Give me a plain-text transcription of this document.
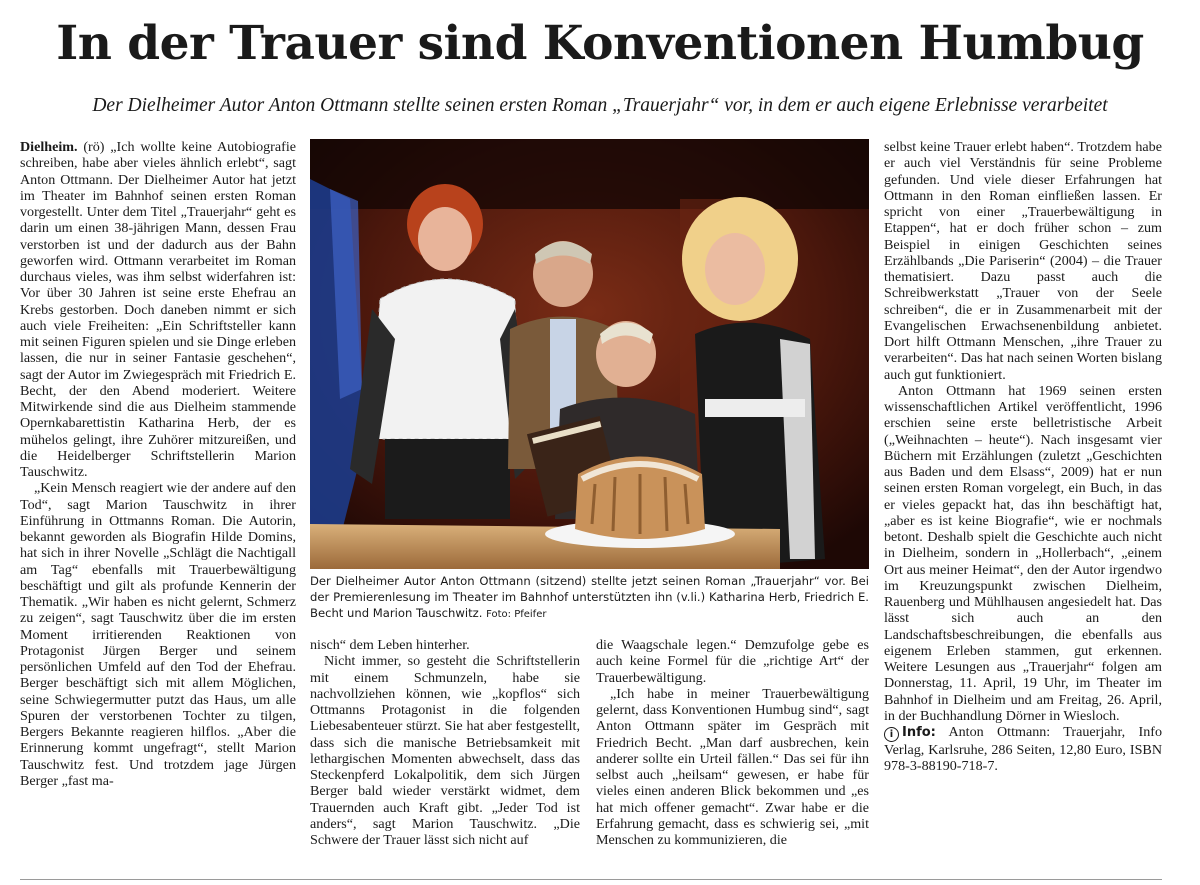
In der Trauer sind Konventionen Humbug

Der Dielheimer Autor Anton Ottmann stellte seinen ersten Roman „Trauerjahr“ vor, in dem er auch eigene Erlebnisse verarbeitet

Dielheim. (rö) „Ich wollte keine Autobiografie schreiben, habe aber vieles ähnlich erlebt“, sagt Anton Ottmann. Der Dielheimer Autor hat jetzt im Theater im Bahnhof seinen ersten Roman vorgestellt. Unter dem Titel „Trauerjahr“ geht es darin um einen 38-jährigen Mann, dessen Frau verstorben ist und der dadurch aus der Bahn geworfen wird. Ottmann verarbeitet im Roman durchaus vieles, was ihm selbst widerfahren ist: Vor über 30 Jahren ist seine erste Ehefrau an Krebs gestorben. Doch daneben nimmt er sich auch viele Freiheiten: „Ein Schriftsteller kann mit seinen Figuren spielen und sie Dinge erleben lassen, die nur in seiner Fantasie geschehen“, sagt der Autor im Zwiegespräch mit Friedrich E. Becht, der den Abend moderiert. Weitere Mitwirkende sind die aus Dielheim stammende Opernkabarettistin Katharina Herb, der es mühelos gelingt, ihre Zuhörer mitzureißen, und die Heidelberger Schriftstellerin Marion Tauschwitz.

„Kein Mensch reagiert wie der andere auf den Tod“, sagt Marion Tauschwitz in ihrer Einführung in Ottmanns Roman. Die Autorin, bekannt geworden als Biografin Hilde Domins, hat sich in ihrer Novelle „Schlägt die Nachtigall am Tag“ ebenfalls mit Trauerbewältigung beschäftigt und gilt als profunde Kennerin der Thematik. „Wir haben es nicht gelernt, Schmerz zu zeigen“, sagt Tauschwitz über die im ersten Moment irritierenden Reaktionen von Protagonist Jürgen Berger und seinem persönlichen Umfeld auf den Tod der Ehefrau. Berger beschäftigt sich mit allem Möglichen, seine Schwiegermutter putzt das Haus, um alle Spuren der verstorbenen Tochter zu tilgen, Bergers Bekannte reagieren hilflos. „Aber die Erinnerung kommt ungefragt“, stellt Marion Tauschwitz fest. Und trotzdem jage Jürgen Berger „fast ma-

Der Dielheimer Autor Anton Ottmann (sitzend) stellte jetzt seinen Roman „Trauerjahr“ vor. Bei der Premierenlesung im Theater im Bahnhof unterstützten ihn (v.li.) Katharina Herb, Friedrich E. Becht und Marion Tauschwitz. Foto: Pfeifer

nisch“ dem Leben hinterher.

Nicht immer, so gesteht die Schriftstellerin mit einem Schmunzeln, habe sie nachvollziehen können, wie „kopflos“ sich Ottmanns Protagonist in die folgenden Liebesabenteuer stürzt. Sie hat aber festgestellt, dass sich die manische Betriebsamkeit mit lethargischen Momenten abwechselt, dass das Steckenpferd Lokalpolitik, dem sich Jürgen Berger bald wieder verstärkt widmet, dem Trauernden auch Kraft gibt. „Jeder Tod ist anders“, sagt Marion Tauschwitz. „Die Schwere der Trauer lässt sich nicht auf

die Waagschale legen.“ Demzufolge gebe es auch keine Formel für die „richtige Art“ der Trauerbewältigung.

„Ich habe in meiner Trauerbewältigung gelernt, dass Konventionen Humbug sind“, sagt Anton Ottmann später im Gespräch mit Friedrich Becht. „Man darf ausbrechen, kein anderer sollte ein Urteil fällen.“ Das sei für ihn selbst auch „heilsam“ gewesen, er habe für vieles einen anderen Blick bekommen und „es hat mich offener gemacht“. Zwar habe er die Erfahrung gemacht, dass es schwierig sei, „mit Menschen zu kommunizieren, die

selbst keine Trauer erlebt haben“. Trotzdem habe er auch viel Verständnis für seine Probleme gefunden. Und viele dieser Erfahrungen hat Ottmann in den Roman einfließen lassen. Er spricht von einer „Trauerbewältigung in Etappen“, hat er doch früher schon – zum Beispiel in einigen Geschichten seines Erzählbands „Die Pariserin“ (2004) – die Trauer thematisiert. Dazu passt auch die Schreibwerkstatt „Trauer von der Seele schreiben“, die er in Zusammenarbeit mit der Evangelischen Erwachsenenbildung anbietet. Dort hilft Ottmann Menschen, „ihre Trauer zu verarbeiten“. Das hat nach seinen Worten bislang auch gut funktioniert.

Anton Ottmann hat 1969 seinen ersten wissenschaftlichen Artikel veröffentlicht, 1996 erschien seine erste belletristische Arbeit („Weihnachten – heute“). Nach insgesamt vier Büchern mit Erzählungen (zuletzt „Geschichten aus Baden und dem Elsass“, 2009) hat er nun seinen ersten Roman vorgelegt, ein Buch, in das er vieles gepackt hat, das ihn beschäftigt hat, „aber es ist keine Biografie“, wie er nochmals betont. Deshalb spielt die Geschichte auch nicht in Dielheim, sondern in „Hollerbach“, „einem Ort aus meiner Heimat“, den der Autor irgendwo im Kreuzungspunkt zwischen Dielheim, Rauenberg und Mühlhausen angesiedelt hat. Das lässt sich auch an den Landschaftsbeschreibungen, die ebenfalls aus eigenem Erleben stammen, gut erkennen. Weitere Lesungen aus „Trauerjahr“ folgen am Donnerstag, 11. April, 19 Uhr, im Theater im Bahnhof in Dielheim und am Freitag, 26. April, in der Buchhandlung Dörner in Wiesloch.

i Info: Anton Ottmann: Trauerjahr, Info Verlag, Karlsruhe, 286 Seiten, 12,80 Euro, ISBN 978-3-88190-718-7.
